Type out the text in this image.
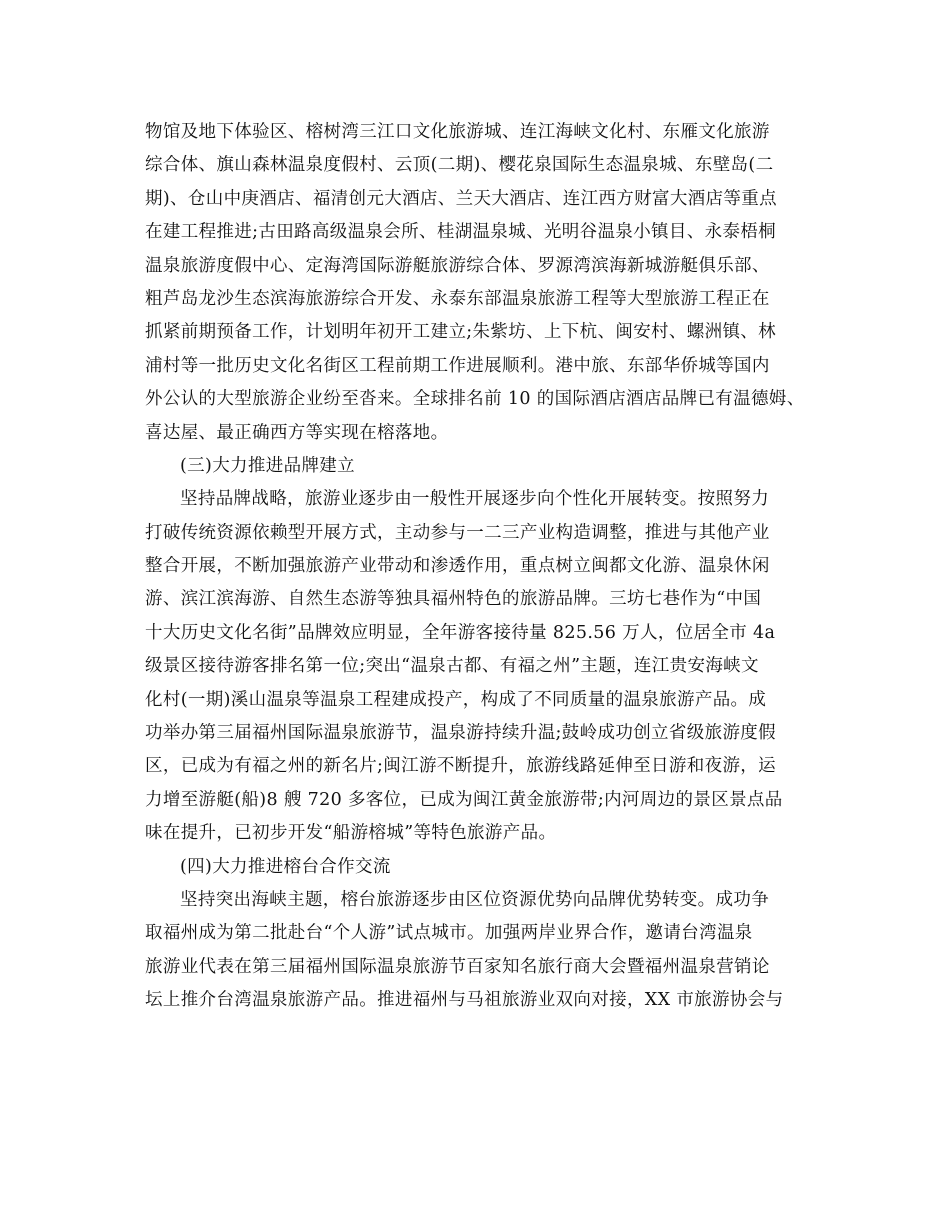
物馆及地下体验区、榕树湾三江口文化旅游城、连江海峡文化村、东雁文化旅游
综合体、旗山森林温泉度假村、云顶(二期)、樱花泉国际生态温泉城、东壁岛(二
期)、仓山中庚酒店、福清创元大酒店、兰天大酒店、连江西方财富大酒店等重点
在建工程推进;古田路高级温泉会所、桂湖温泉城、光明谷温泉小镇目、永泰梧桐
温泉旅游度假中心、定海湾国际游艇旅游综合体、罗源湾滨海新城游艇俱乐部、
粗芦岛龙沙生态滨海旅游综合开发、永泰东部温泉旅游工程等大型旅游工程正在
抓紧前期预备工作，计划明年初开工建立;朱紫坊、上下杭、闽安村、螺洲镇、林
浦村等一批历史文化名街区工程前期工作进展顺利。港中旅、东部华侨城等国内
外公认的大型旅游企业纷至沓来。全球排名前 10 的国际酒店酒店品牌已有温德姆、
喜达屋、最正确西方等实现在榕落地。
(三)大力推进品牌建立
坚持品牌战略，旅游业逐步由一般性开展逐步向个性化开展转变。按照努力
打破传统资源依赖型开展方式，主动参与一二三产业构造调整，推进与其他产业
整合开展，不断加强旅游产业带动和渗透作用，重点树立闽都文化游、温泉休闲
游、滨江滨海游、自然生态游等独具福州特色的旅游品牌。三坊七巷作为“中国
十大历史文化名街”品牌效应明显，全年游客接待量 825.56 万人，位居全市 4a
级景区接待游客排名第一位;突出“温泉古都、有福之州”主题，连江贵安海峡文
化村(一期)溪山温泉等温泉工程建成投产，构成了不同质量的温泉旅游产品。成
功举办第三届福州国际温泉旅游节，温泉游持续升温;鼓岭成功创立省级旅游度假
区，已成为有福之州的新名片;闽江游不断提升，旅游线路延伸至日游和夜游，运
力增至游艇(船)8 艘 720 多客位，已成为闽江黄金旅游带;内河周边的景区景点品
味在提升，已初步开发“船游榕城”等特色旅游产品。
(四)大力推进榕台合作交流
坚持突出海峡主题，榕台旅游逐步由区位资源优势向品牌优势转变。成功争
取福州成为第二批赴台“个人游”试点城市。加强两岸业界合作，邀请台湾温泉
旅游业代表在第三届福州国际温泉旅游节百家知名旅行商大会暨福州温泉营销论
坛上推介台湾温泉旅游产品。推进福州与马祖旅游业双向对接，XX 市旅游协会与
